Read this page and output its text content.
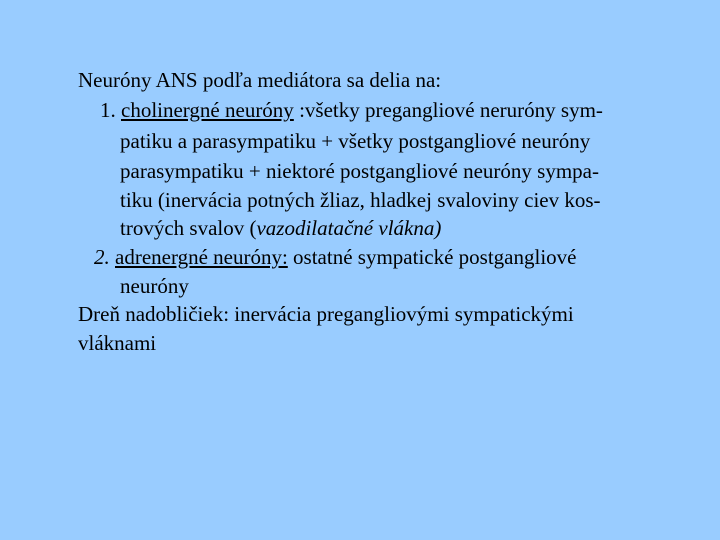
Neuróny ANS podľa mediátora sa delia na:
1. cholinergné neuróny :všetky pregangliové neruróny sym-
patiku a parasympatiku + všetky postgangliové neuróny
parasympatiku + niektoré postgangliové neuróny sympa-
tiku (inervácia potných žliaz, hladkej svaloviny ciev kos-
trových svalov (vazodilatačné vlákna)
2. adrenergné neuróny: ostatné sympatické postgangliové
neuróny
Dreň nadobličiek: inervácia pregangliovými sympatickými
vláknami
